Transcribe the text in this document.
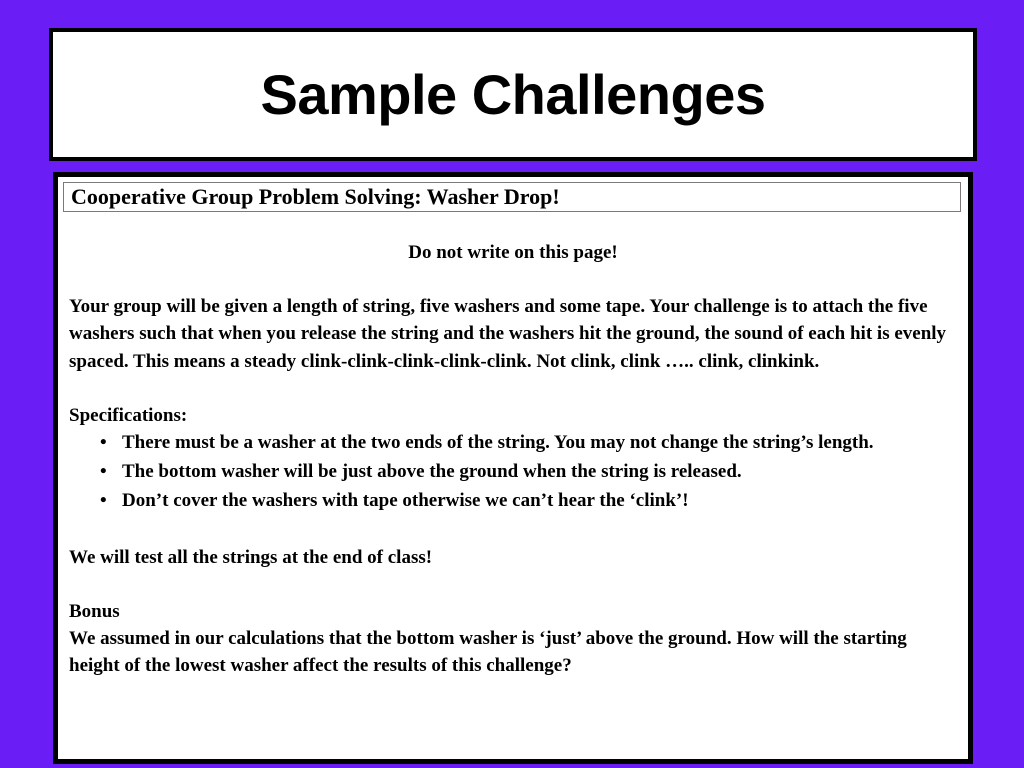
Sample Challenges
Cooperative Group Problem Solving: Washer Drop!

Do not write on this page!

Your group will be given a length of string, five washers and some tape. Your challenge is to attach the five washers such that when you release the string and the washers hit the ground, the sound of each hit is evenly spaced. This means a steady clink-clink-clink-clink-clink. Not clink, clink ….. clink, clinkink.

Specifications:

• There must be a washer at the two ends of the string. You may not change the string’s length.
• The bottom washer will be just above the ground when the string is released.
• Don’t cover the washers with tape otherwise we can’t hear the ‘clink’!

We will test all the strings at the end of class!

Bonus

We assumed in our calculations that the bottom washer is ‘just’ above the ground. How will the starting height of the lowest washer affect the results of this challenge?
